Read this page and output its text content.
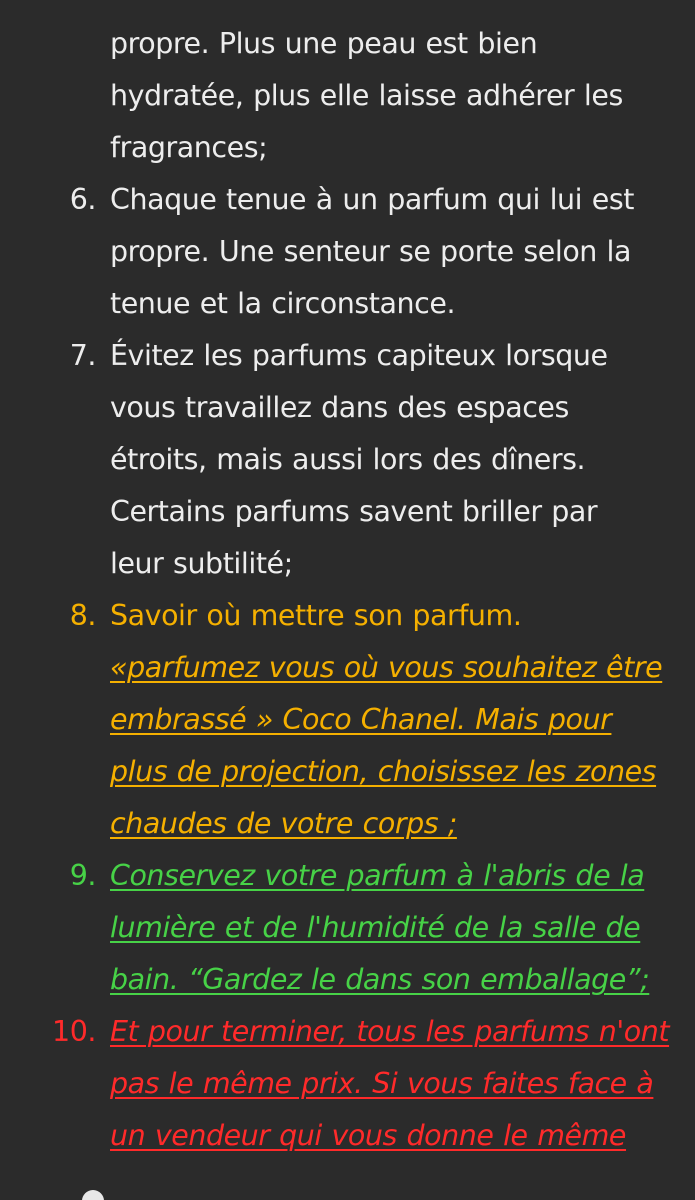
propre. Plus une peau est bien
hydratée, plus elle laisse adhérer les
fragrances;
6. Chaque tenue à un parfum qui lui est
propre. Une senteur se porte selon la
tenue et la circonstance.
7. Évitez les parfums capiteux lorsque
vous travaillez dans des espaces
étroits, mais aussi lors des dîners.
Certains parfums savent briller par
leur subtilité;
8. Savoir où mettre son parfum.
«parfumez vous où vous souhaitez être
embrassé » Coco Chanel. Mais pour
plus de projection, choisissez les zones
chaudes de votre corps ;
9. Conservez votre parfum à l'abris de la
lumière et de l'humidité de la salle de
bain. “Gardez le dans son emballage”;
10. Et pour terminer, tous les parfums n'ont
pas le même prix. Si vous faites face à
un vendeur qui vous donne le même
